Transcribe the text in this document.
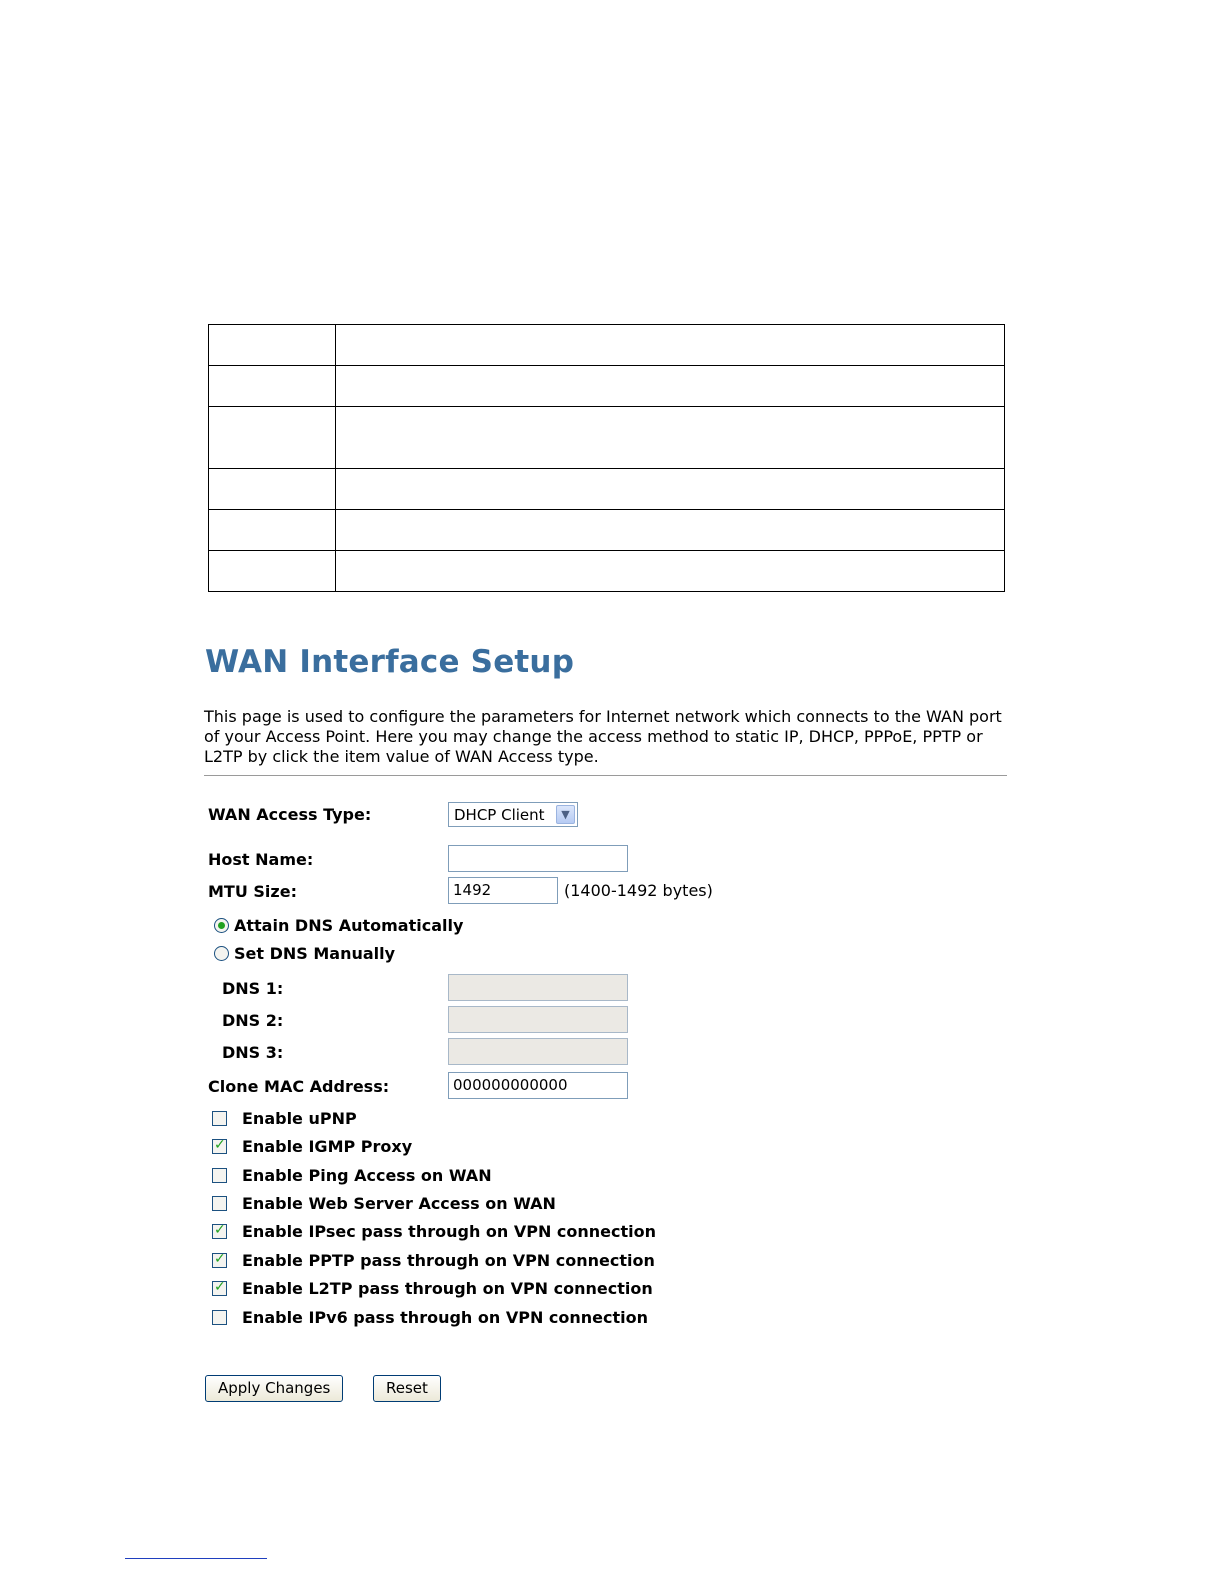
WAN Interface Setup

This page is used to configure the parameters for Internet network which connects to the WAN port of your Access Point. Here you may change the access method to static IP, DHCP, PPPoE, PPTP or L2TP by click the item value of WAN Access type.

WAN Access Type:	DHCP Client	▼
Host Name:
MTU Size:	1492	(1400-1492 bytes)
Attain DNS Automatically
Set DNS Manually
DNS 1:
DNS 2:
DNS 3:
Clone MAC Address:	000000000000
Enable uPNP
✓
Enable IGMP Proxy
Enable Ping Access on WAN
Enable Web Server Access on WAN
✓
Enable IPsec pass through on VPN connection
✓
Enable PPTP pass through on VPN connection
✓
Enable L2TP pass through on VPN connection
Enable IPv6 pass through on VPN connection
Apply Changes	Reset
